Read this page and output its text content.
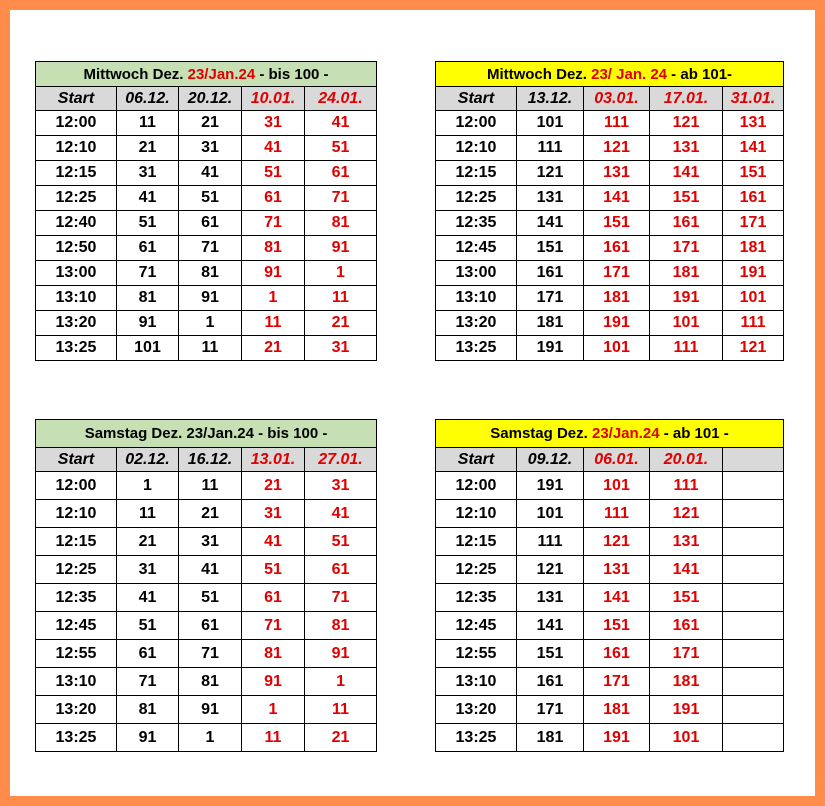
Mittwoch Dez. 23/Jan.24 - bis 100 -				
Start	06.12.	20.12.	10.01.	24.01.
12:00	11	21	31	41
12:10	21	31	41	51
12:15	31	41	51	61
12:25	41	51	61	71
12:40	51	61	71	81
12:50	61	71	81	91
13:00	71	81	91	1
13:10	81	91	1	11
13:20	91	1	11	21
13:25	101	11	21	31
Mittwoch Dez. 23/ Jan. 24 - ab 101-				
Start	13.12.	03.01.	17.01.	31.01.
12:00	101	111	121	131
12:10	111	121	131	141
12:15	121	131	141	151
12:25	131	141	151	161
12:35	141	151	161	171
12:45	151	161	171	181
13:00	161	171	181	191
13:10	171	181	191	101
13:20	181	191	101	111
13:25	191	101	111	121
Samstag Dez. 23/Jan.24 - bis 100 -				
Start	02.12.	16.12.	13.01.	27.01.
12:00	1	11	21	31
12:10	11	21	31	41
12:15	21	31	41	51
12:25	31	41	51	61
12:35	41	51	61	71
12:45	51	61	71	81
12:55	61	71	81	91
13:10	71	81	91	1
13:20	81	91	1	11
13:25	91	1	11	21
Samstag Dez. 23/Jan.24 - ab 101 -				
Start	09.12.	06.01.	20.01.	
12:00	191	101	111	
12:10	101	111	121	
12:15	111	121	131	
12:25	121	131	141	
12:35	131	141	151	
12:45	141	151	161	
12:55	151	161	171	
13:10	161	171	181	
13:20	171	181	191	
13:25	181	191	101	
